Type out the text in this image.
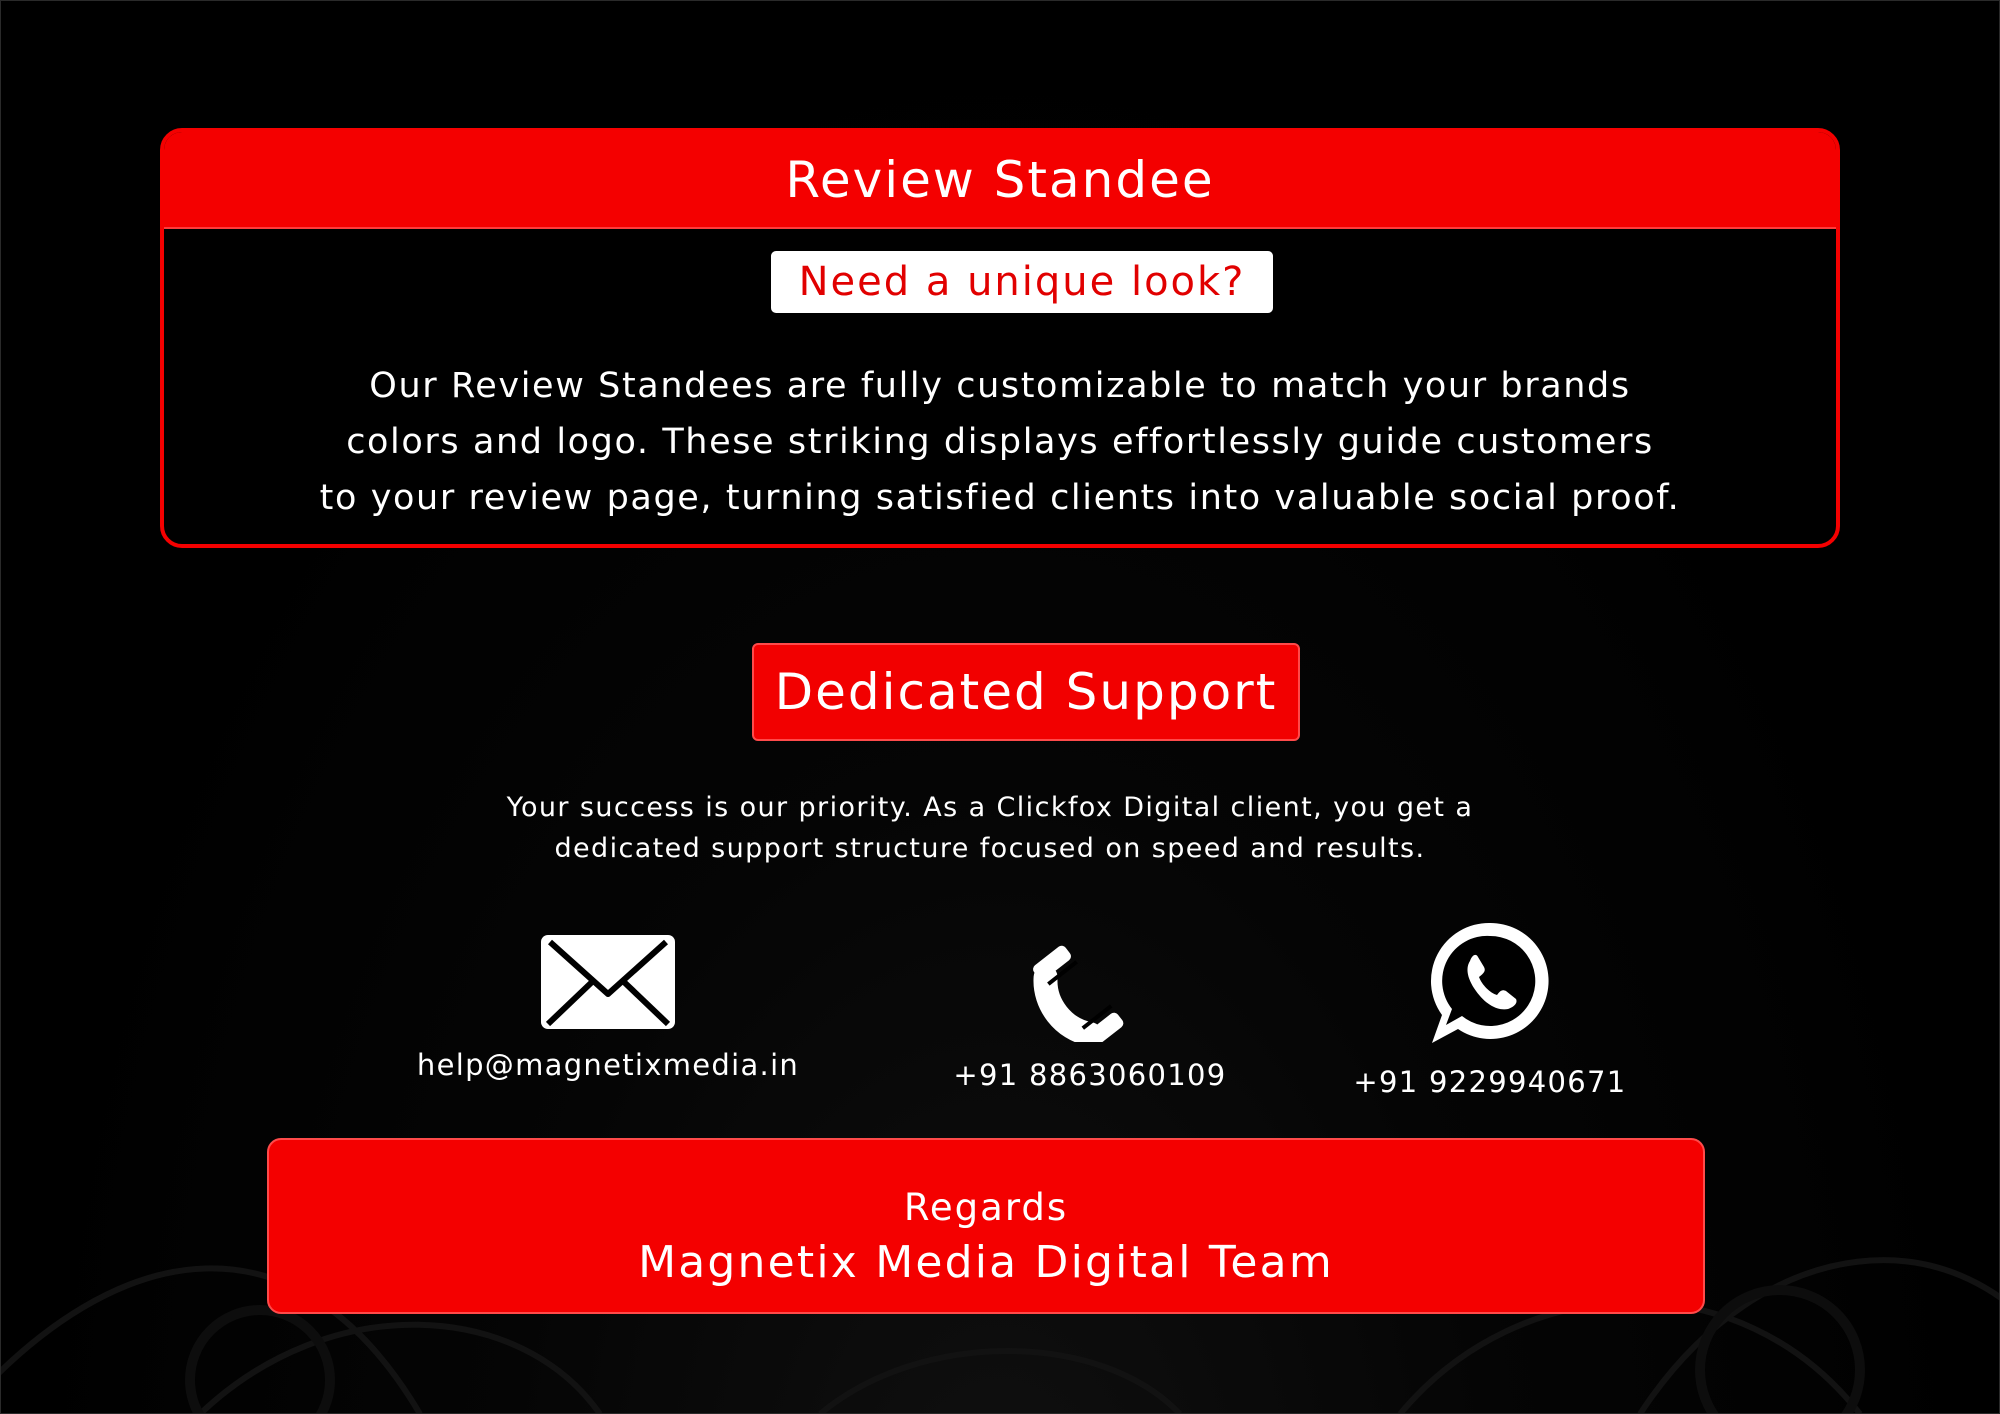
Review Standee
Need a unique look?
Our Review Standees are fully customizable to match your brands
colors and logo. These striking displays effortlessly guide customers
to your review page, turning satisfied clients into valuable social proof.
Dedicated Support
Your success is our priority. As a Clickfox Digital client, you get a
dedicated support structure focused on speed and results.
help@magnetixmedia.in	+91 8863060109	+91 9229940671
Regards
Magnetix Media Digital Team
